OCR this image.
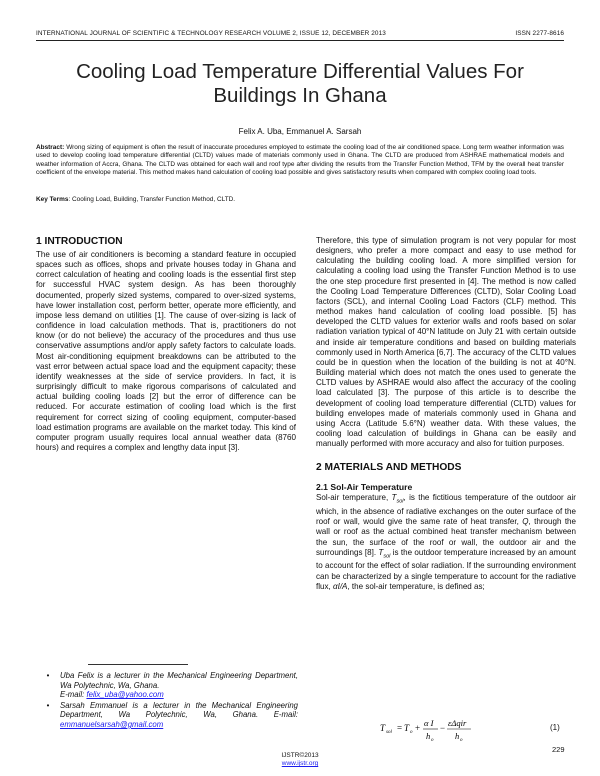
INTERNATIONAL JOURNAL OF SCIENTIFIC & TECHNOLOGY RESEARCH VOLUME 2, ISSUE 12, DECEMBER 2013	ISSN 2277-8616
Cooling Load Temperature Differential Values For Buildings In Ghana
Felix A. Uba, Emmanuel A. Sarsah
Abstract: Wrong sizing of equipment is often the result of inaccurate procedures employed to estimate the cooling load of the air conditioned space. Long term weather information was used to develop cooling load temperature differential (CLTD) values made of materials commonly used in Ghana. The CLTD are produced from ASHRAE mathematical models and weather information of Accra, Ghana. The CLTD was obtained for each wall and roof type after dividing the results from the Transfer Function Method, TFM by the overall heat transfer coefficient of the envelope material. This method makes hand calculation of cooling load possible and gives satisfactory results when compared with complex cooling load tools.
Key Terms: Cooling Load, Building, Transfer Function Method, CLTD.
1 INTRODUCTION

The use of air conditioners is becoming a standard feature in occupied spaces such as offices, shops and private houses today in Ghana and correct calculation of heating and cooling loads is the essential first step for successful HVAC system design. As has been thoroughly documented, properly sized systems, compared to over-sized systems, have lower installation cost, perform better, operate more efficiently, and impose less demand on utilities [1]. The cause of over-sizing is lack of confidence in load calculation methods. That is, practitioners do not know (or do not believe) the accuracy of the procedures and thus use conservative assumptions and/or apply safety factors to calculate loads. Most air-conditioning equipment breakdowns can be attributed to the vast error between actual space load and the equipment capacity; these identify weaknesses at the side of service providers. In fact, it is surprisingly difficult to make rigorous comparisons of calculated and actual building cooling loads [2] but the error of difference can be reduced. For accurate estimation of cooling load which is the first requirement for correct sizing of cooling equipment, computer-based load estimation programs are available on the market today. This kind of computer program usually requires local annual weather data (8760 hours) and requires a complex and lengthy data input [3].

Therefore, this type of simulation program is not very popular for most designers, who prefer a more compact and easy to use method for calculating the building cooling load. A more simplified version for calculating a cooling load using the Transfer Function Method is to use the one step procedure first presented in [4]. The method is now called the Cooling Load Temperature Differences (CLTD), Solar Cooling Load factors (SCL), and internal Cooling Load Factors (CLF) method. This method makes hand calculation of cooling load possible. [5] has developed the CLTD values for exterior walls and roofs based on solar radiation variation typical of 40°N latitude on July 21 with certain outside and inside air temperature conditions and based on building materials commonly used in North America [6,7]. The accuracy of the CLTD values could be in question when the location of the building is not at 40°N. Building material which does not match the ones used to generate the CLTD values by ASHRAE would also affect the accuracy of the cooling load calculated [3]. The purpose of this article is to describe the development of cooling load temperature differential (CLTD) values for building envelopes made of materials commonly used in Ghana and using Accra (Latitude 5.6°N) weather data. With these values, the cooling load calculation of buildings in Ghana can be easily and manually performed with more accuracy and also for tuition purposes.

2 MATERIALS AND METHODS
2.1 Sol-Air Temperature

Sol-air temperature, $T_{sol}$, is the fictitious temperature of the outdoor air which, in the absence of radiative exchanges on the outer surface of the roof or wall, would give the same rate of heat transfer, Q, through the wall or roof as the actual combined heat transfer mechanism between the sun, the surface of the roof or wall, the outdoor air and the surroundings [8]. $T_{sol}$ is the outdoor temperature increased by an amount to account for the effect of solar radiation. If the surrounding environment can be characterized by a single temperature to account for the radiative flux, αI/A, the sol-air temperature, is defined as;

•	Uba Felix is a lecturer in the Mechanical Engineering Department, Wa Polytechnic, Wa, Ghana.
E-mail: felix_uba@yahoo.com
•	Sarsah Emmanuel is a lecturer in the Mechanical Engineering Department, Wa Polytechnic, Wa, Ghana. E-mail: emmanuelsarsah@gmail.com	T sol = T o + α I
h o
− εΔqir
h o
(1)
229
IJSTR©2013
www.ijstr.org
